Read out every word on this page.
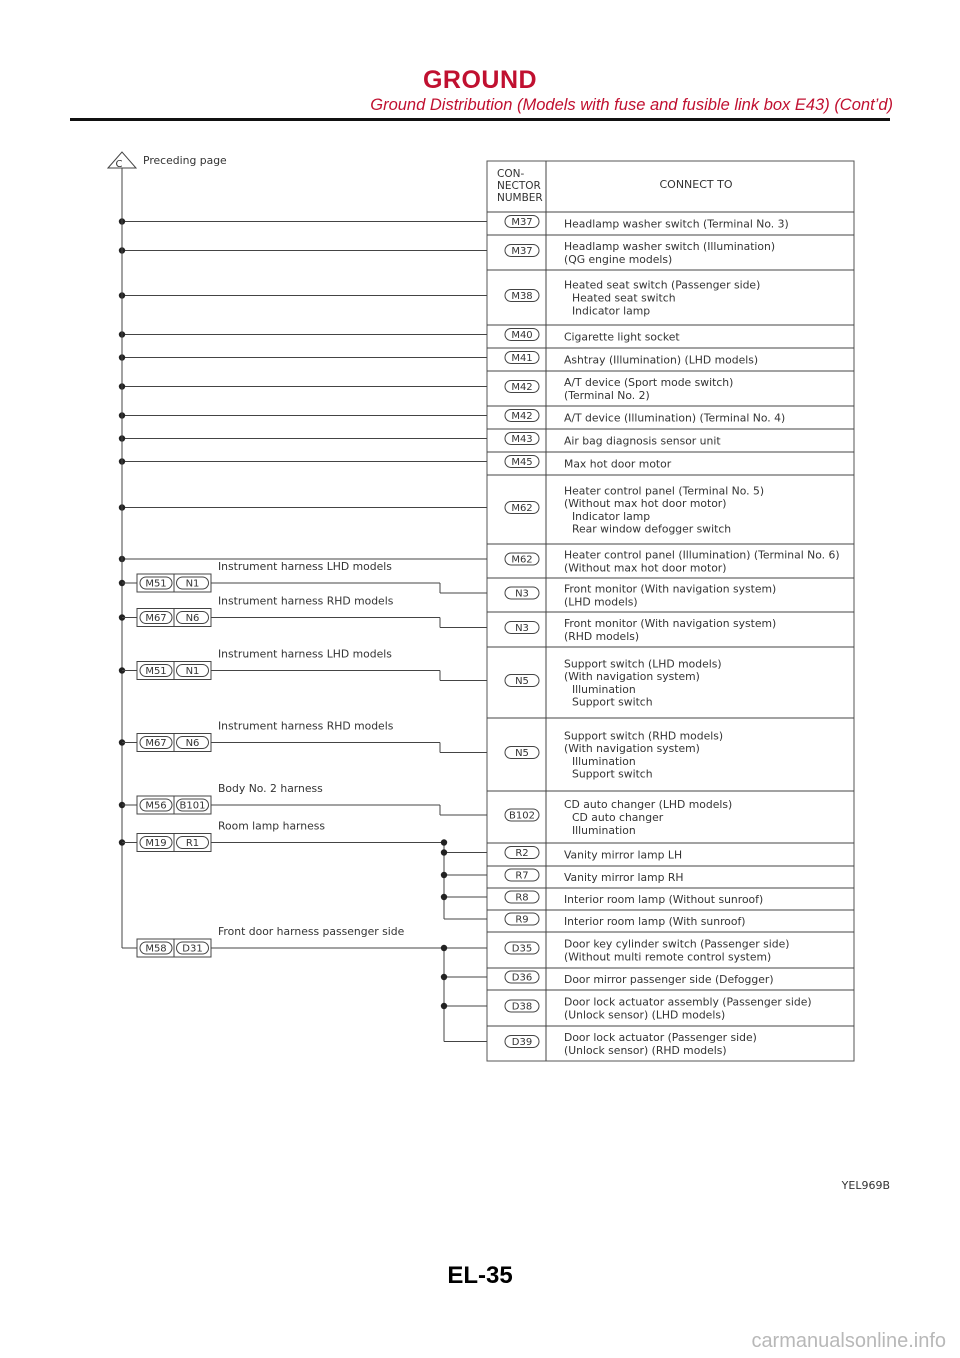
GROUND
Ground Distribution (Models with fuse and fusible link box E43) (Cont’d)
CON-
NECTOR
NUMBER
CONNECT TO
Headlamp washer switch (Terminal No. 3)
M37
Headlamp washer switch (Illumination)
(QG engine models)
M37
Heated seat switch (Passenger side)
Heated seat switch
Indicator lamp
M38
Cigarette light socket
M40
Ashtray (Illumination) (LHD models)
M41
A/T device (Sport mode switch)
(Terminal No. 2)
M42
A/T device (Illumination) (Terminal No. 4)
M42
Air bag diagnosis sensor unit
M43
Max hot door motor
M45
Heater control panel (Terminal No. 5)
(Without max hot door motor)
Indicator lamp
Rear window defogger switch
M62
Heater control panel (Illumination) (Terminal No. 6)
(Without max hot door motor)
M62
Front monitor (With navigation system)
(LHD models)
N3
Front monitor (With navigation system)
(RHD models)
N3
Support switch (LHD models)
(With navigation system)
Illumination
Support switch
N5
Support switch (RHD models)
(With navigation system)
Illumination
Support switch
N5
CD auto changer (LHD models)
CD auto changer
Illumination
B102
Vanity mirror lamp LH
R2
Vanity mirror lamp RH
R7
Interior room lamp (Without sunroof)
R8
Interior room lamp (With sunroof)
R9
Door key cylinder switch (Passenger side)
(Without multi remote control system)
D35
Door mirror passenger side (Defogger)
D36
Door lock actuator assembly (Passenger side)
(Unlock sensor) (LHD models)
D38
Door lock actuator (Passenger side)
(Unlock sensor) (RHD models)
D39
M51 N1
Instrument harness LHD models
M67 N6
Instrument harness RHD models
M51 N1
Instrument harness LHD models
M67 N6
Instrument harness RHD models
M56 B101
Body No. 2 harness
M19 R1
Room lamp harness
M58 D31
Front door harness passenger side
C Preceding page
YEL969B
EL-35
carmanualsonline.info
